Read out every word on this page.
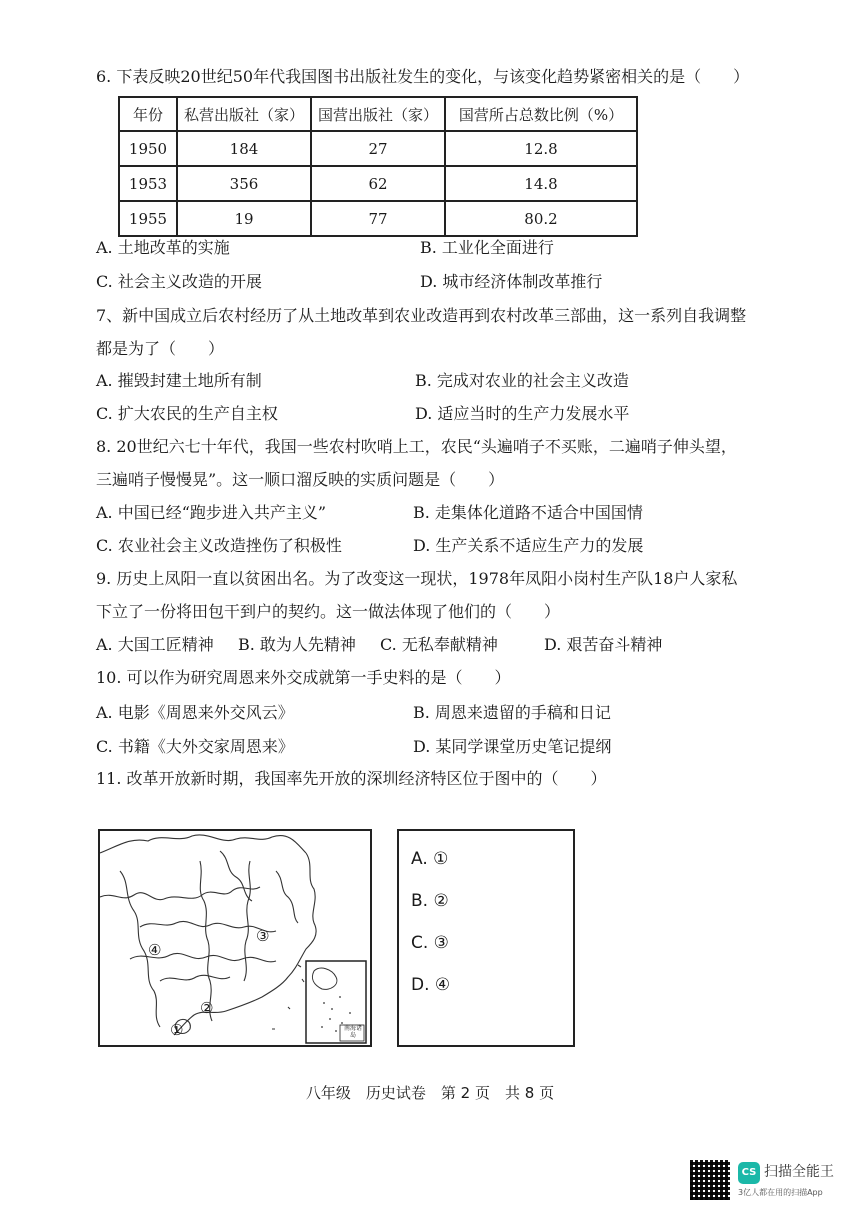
6. 下表反映20世纪50年代我国图书出版社发生的变化，与该变化趋势紧密相关的是（　　）
年份	私营出版社（家）	国营出版社（家）	国营所占总数比例（%）
1950	184	27	12.8
1953	356	62	14.8
1955	19	77	80.2
A. 土地改革的实施	B. 工业化全面进行
C. 社会主义改造的开展	D. 城市经济体制改革推行
7、新中国成立后农村经历了从土地改革到农业改造再到农村改革三部曲，这一系列自我调整
都是为了（　　）
A. 摧毁封建土地所有制	B. 完成对农业的社会主义改造
C. 扩大农民的生产自主权	D. 适应当时的生产力发展水平
8. 20世纪六七十年代，我国一些农村吹哨上工，农民“头遍哨子不买账，二遍哨子伸头望，
三遍哨子慢慢晃”。这一顺口溜反映的实质问题是（　　）
A. 中国已经“跑步进入共产主义”	B. 走集体化道路不适合中国国情
C. 农业社会主义改造挫伤了积极性	D. 生产关系不适应生产力的发展
9. 历史上凤阳一直以贫困出名。为了改变这一现状，1978年凤阳小岗村生产队18户人家私
下立了一份将田包干到户的契约。这一做法体现了他们的（　　）
A. 大国工匠精神 B. 敢为人先精神 C. 无私奉献精神	D. 艰苦奋斗精神
10. 可以作为研究周恩来外交成就第一手史料的是（　　）
A. 电影《周恩来外交风云》	B. 周恩来遗留的手稿和日记
C. 书籍《大外交家周恩来》	D. 某同学课堂历史笔记提纲
11. 改革开放新时期，我国率先开放的深圳经济特区位于图中的（　　）
①
②
③
④
南海诸岛
A. ①
B. ②
C. ③
D. ④
八年级　历史试卷　第 2 页　共 8 页
CS 扫描全能王
3亿人都在用的扫描App
